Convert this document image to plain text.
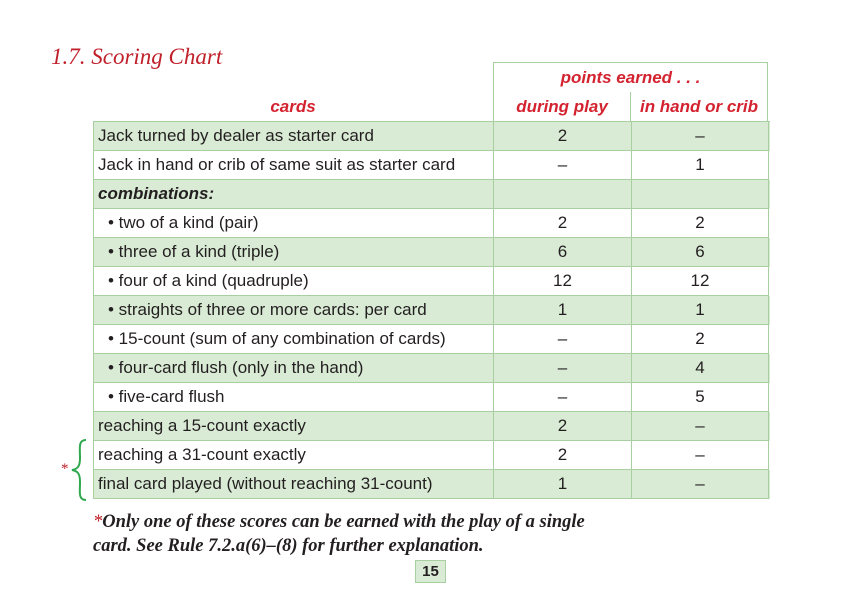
1.7. Scoring Chart
points earned . . .
cards	during play	in hand or crib
Jack turned by dealer as starter card	2	–
Jack in hand or crib of same suit as starter card	–	1
combinations:
• two of a kind (pair)	2	2
• three of a kind (triple)	6	6
• four of a kind (quadruple)	12	12
• straights of three or more cards: per card	1	1
• 15-count (sum of any combination of cards)	–	2
• four-card flush (only in the hand)	–	4
• five-card flush	–	5
reaching a 15-count exactly	2	–
reaching a 31-count exactly	2	–
final card played (without reaching 31-count)	1	–
*
*Only one of these scores can be earned with the play of a single card. See Rule 7.2.a(6)–(8) for further explanation.
15
